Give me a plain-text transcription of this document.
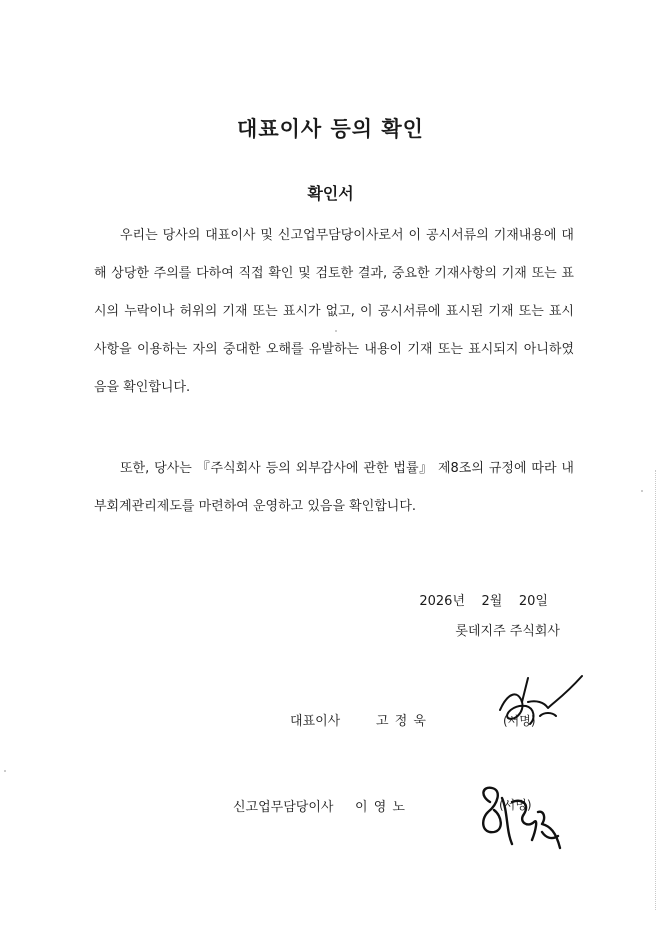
대표이사 등의 확인
확인서
우리는 당사의 대표이사 및 신고업무담당이사로서 이 공시서류의 기재내용에 대해 상당한 주의를 다하여 직접 확인 및 검토한 결과, 중요한 기재사항의 기재 또는 표시의 누락이나 허위의 기재 또는 표시가 없고, 이 공시서류에 표시된 기재 또는 표시사항을 이용하는 자의 중대한 오해를 유발하는 내용이 기재 또는 표시되지 아니하였음을 확인합니다.
또한, 당사는 『주식회사 등의 외부감사에 관한 법률』 제8조의 규정에 따라 내부회계관리제도를 마련하여 운영하고 있음을 확인합니다.
2026년    2월    20일
롯데지주 주식회사
대표이사	고 정 욱	(서명)
신고업무담당이사 이 영 노	(서명)
